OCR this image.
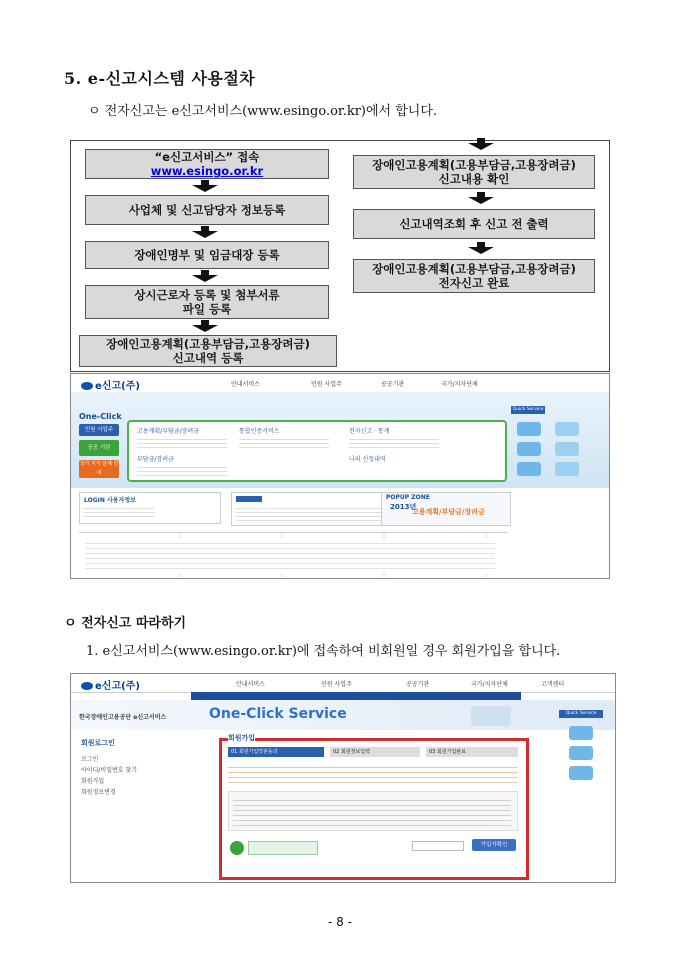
5. e-신고시스템 사용절차
ㅇ 전자신고는 e신고서비스(www.esingo.or.kr)에서 합니다.
“e신고서비스” 접속
www.esingo.or.kr
사업체 및 신고담당자 정보등록
장애인명부 및 임금대장 등록
상시근로자 등록 및 첨부서류
파일 등록
장애인고용계획(고용부담금,고용장려금)
신고내역 등록
장애인고용계획(고용부담금,고용장려금)
신고내용 확인
신고내역조회 후 신고 전 출력
장애인고용계획(고용부담금,고용장려금)
전자신고 완료
e신고(주)	안내서비스	민원 사업주	공공기관	국가/지자단체
One-Click
민원 사업주
공공 기관
국가 지자 단체 안내
고용계획/부담금/장려금	통합인증서비스	전자신고 · 통계
부담금/장려금	나의 신청내역
Quick Service
LOGIN 사용자정보	POPUP ZONE
2013년
고용계획/부담금/장려금
ㅇ 전자신고 따라하기
1. e신고서비스(www.esingo.or.kr)에 접속하여 비회원일 경우 회원가입을 합니다.
e신고(주)	안내서비스	민원 사업주	공공기관	국가/지자단체	고객센터
한국장애인고용공단 e신고서비스	One-Click Service
회원로그인
로그인
아이디/비밀번호 찾기
회원가입
회원정보변경
회원가입
01 회원가입약관동의	02 회원정보입력	03 회원가입완료
가입자확인
Quick Service
- 8 -
